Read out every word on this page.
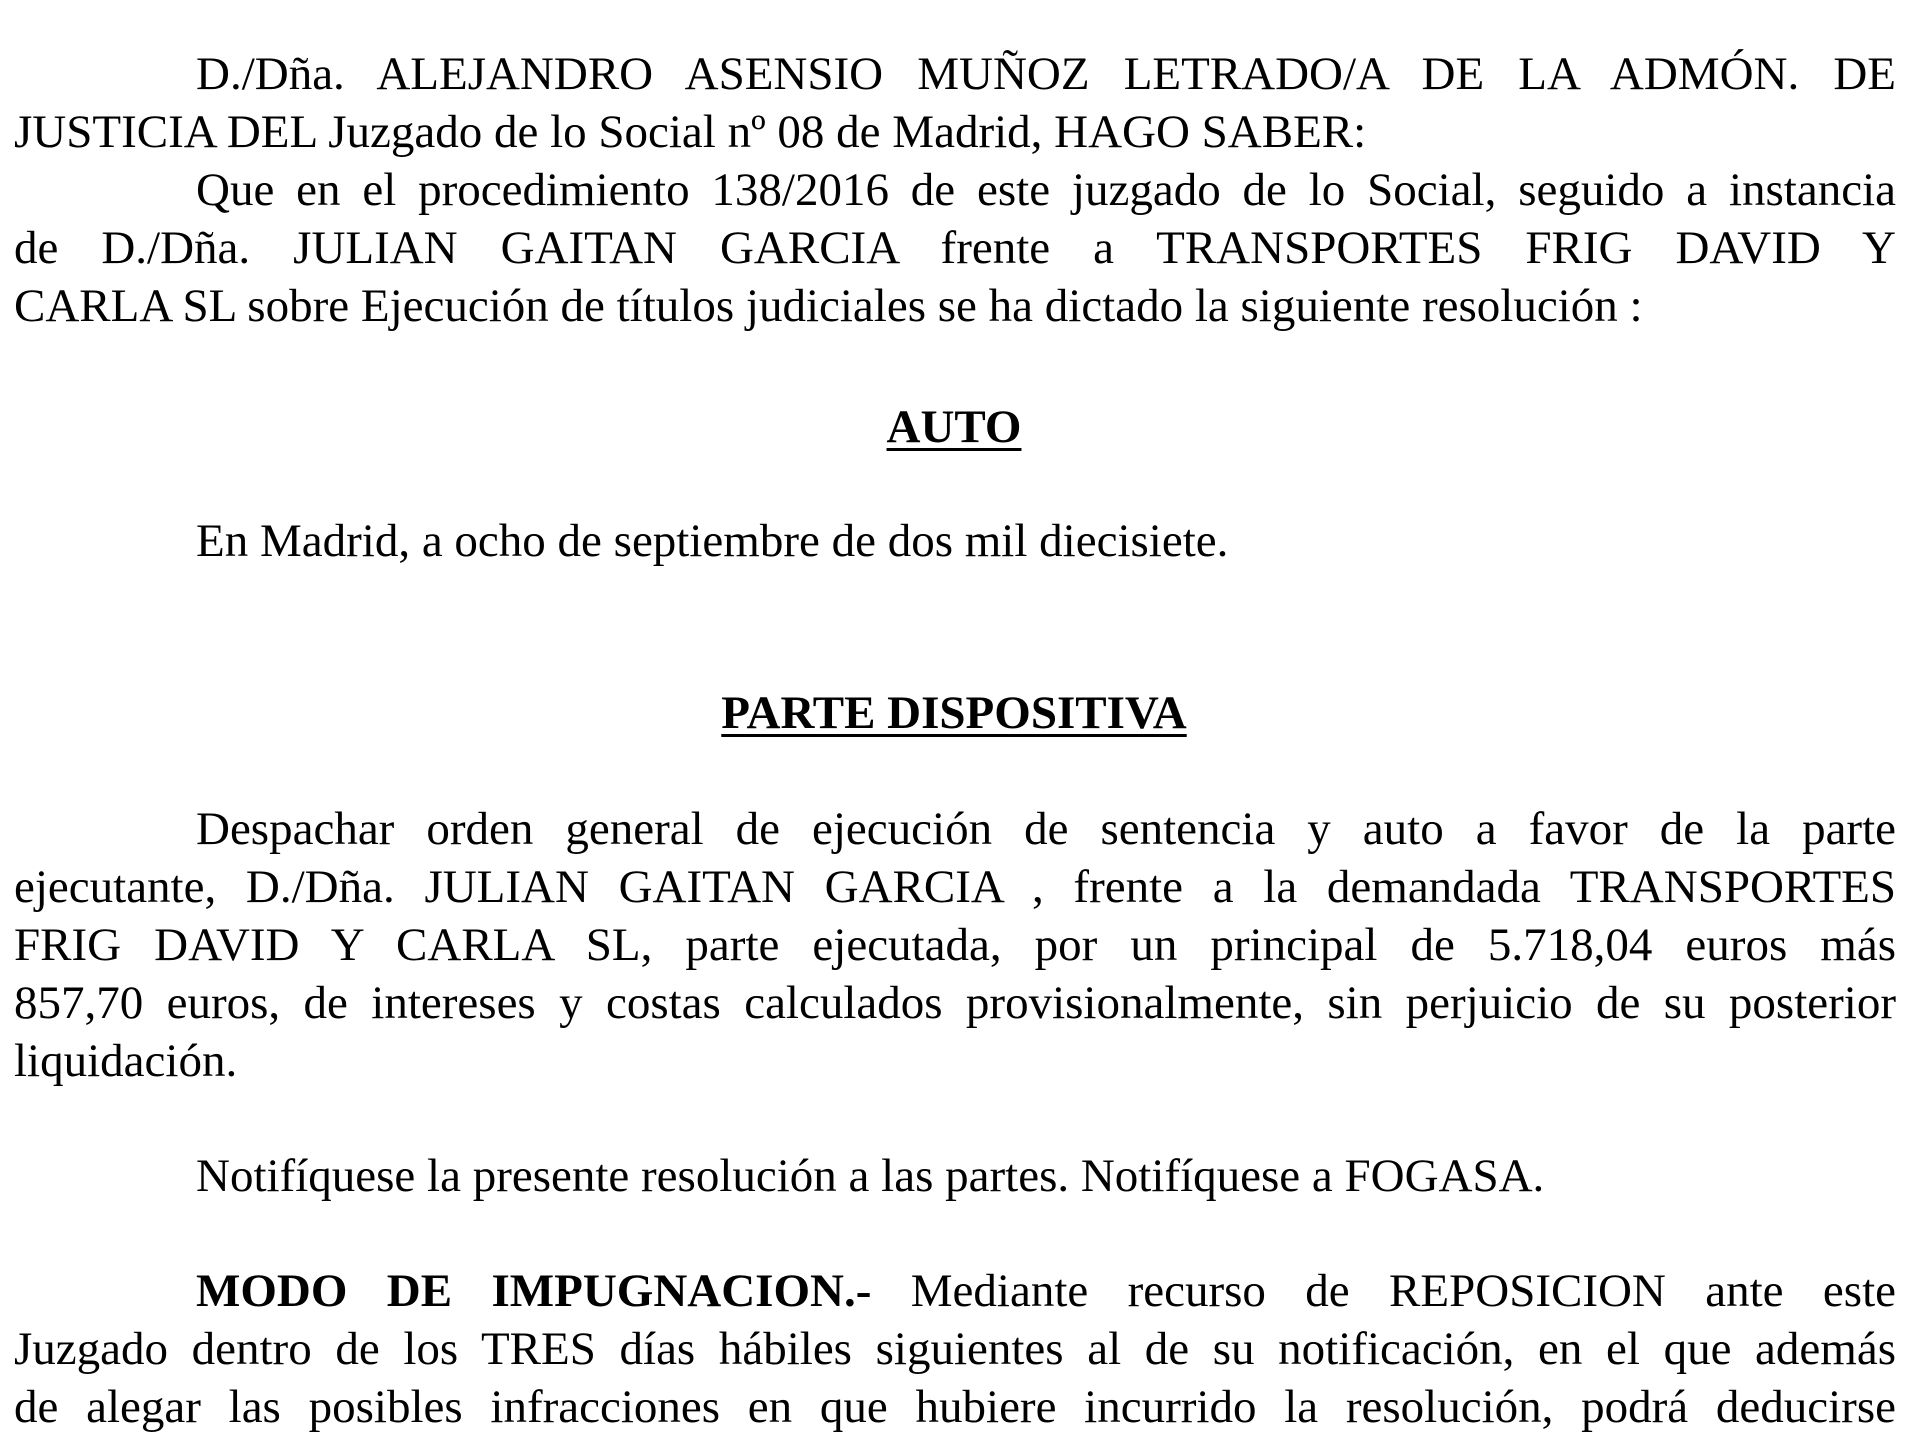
D./Dña. ALEJANDRO ASENSIO MUÑOZ LETRADO/A DE LA ADMÓN. DE

JUSTICIA DEL Juzgado de lo Social nº 08 de Madrid, HAGO SABER:

Que en el procedimiento 138/2016 de este juzgado de lo Social, seguido a instancia

de D./Dña. JULIAN GAITAN GARCIA frente a TRANSPORTES FRIG DAVID Y

CARLA SL sobre Ejecución de títulos judiciales se ha dictado la siguiente resolución :

AUTO

En Madrid, a ocho de septiembre de dos mil diecisiete.

PARTE DISPOSITIVA

Despachar orden general de ejecución de sentencia y auto a favor de la parte

ejecutante, D./Dña. JULIAN GAITAN GARCIA , frente a la demandada TRANSPORTES

FRIG DAVID Y CARLA SL, parte ejecutada, por un principal de 5.718,04 euros más

857,70 euros, de intereses y costas calculados provisionalmente, sin perjuicio de su posterior

liquidación.

Notifíquese la presente resolución a las partes. Notifíquese a FOGASA.

MODO DE IMPUGNACION.- Mediante recurso de REPOSICION ante este

Juzgado dentro de los TRES días hábiles siguientes al de su notificación, en el que además

de alegar las posibles infracciones en que hubiere incurrido la resolución, podrá deducirse
